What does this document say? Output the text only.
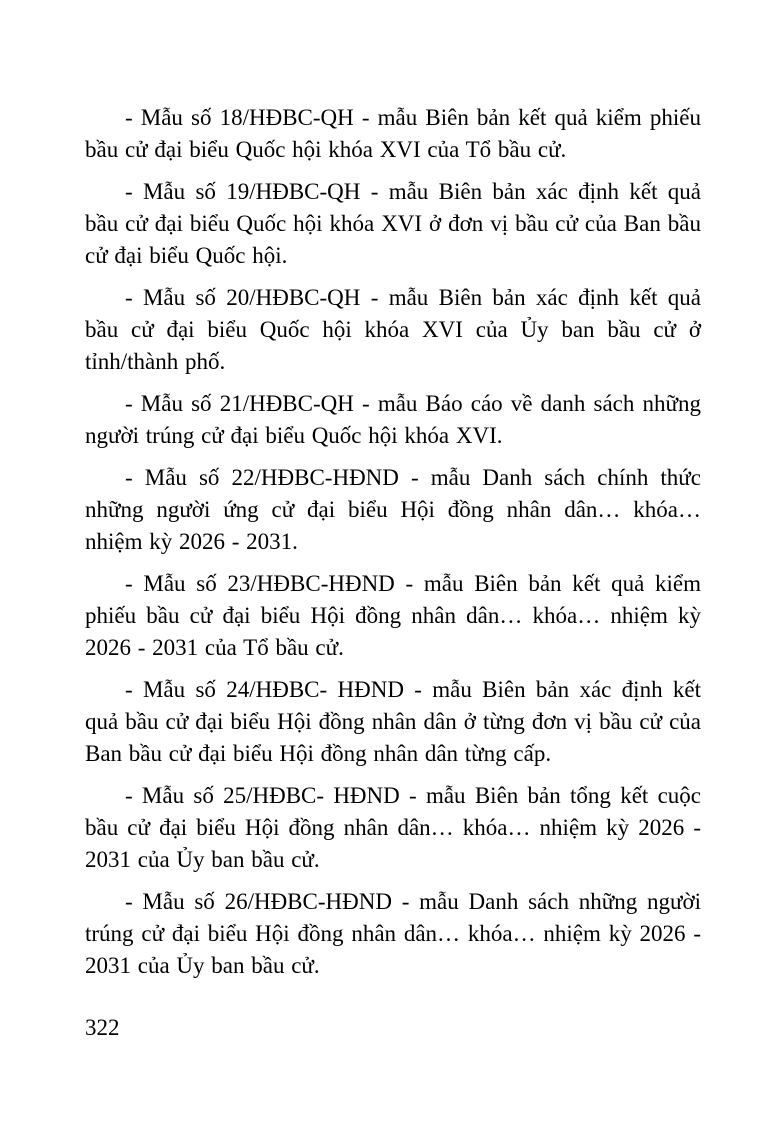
- Mẫu số 18/HĐBC-QH - mẫu Biên bản kết quả kiểm phiếu bầu cử đại biểu Quốc hội khóa XVI của Tổ bầu cử.

- Mẫu số 19/HĐBC-QH - mẫu Biên bản xác định kết quả bầu cử đại biểu Quốc hội khóa XVI ở đơn vị bầu cử của Ban bầu cử đại biểu Quốc hội.

- Mẫu số 20/HĐBC-QH - mẫu Biên bản xác định kết quả bầu cử đại biểu Quốc hội khóa XVI của Ủy ban bầu cử ở tỉnh/thành phố.

- Mẫu số 21/HĐBC-QH - mẫu Báo cáo về danh sách những người trúng cử đại biểu Quốc hội khóa XVI.

- Mẫu số 22/HĐBC-HĐND - mẫu Danh sách chính thức những người ứng cử đại biểu Hội đồng nhân dân… khóa… nhiệm kỳ 2026 - 2031.

- Mẫu số 23/HĐBC-HĐND - mẫu Biên bản kết quả kiểm phiếu bầu cử đại biểu Hội đồng nhân dân… khóa… nhiệm kỳ 2026 - 2031 của Tổ bầu cử.

- Mẫu số 24/HĐBC- HĐND - mẫu Biên bản xác định kết quả bầu cử đại biểu Hội đồng nhân dân ở từng đơn vị bầu cử của Ban bầu cử đại biểu Hội đồng nhân dân từng cấp.

- Mẫu số 25/HĐBC- HĐND - mẫu Biên bản tổng kết cuộc bầu cử đại biểu Hội đồng nhân dân… khóa… nhiệm kỳ 2026 - 2031 của Ủy ban bầu cử.

- Mẫu số 26/HĐBC-HĐND - mẫu Danh sách những người trúng cử đại biểu Hội đồng nhân dân… khóa… nhiệm kỳ 2026 - 2031 của Ủy ban bầu cử.

322
